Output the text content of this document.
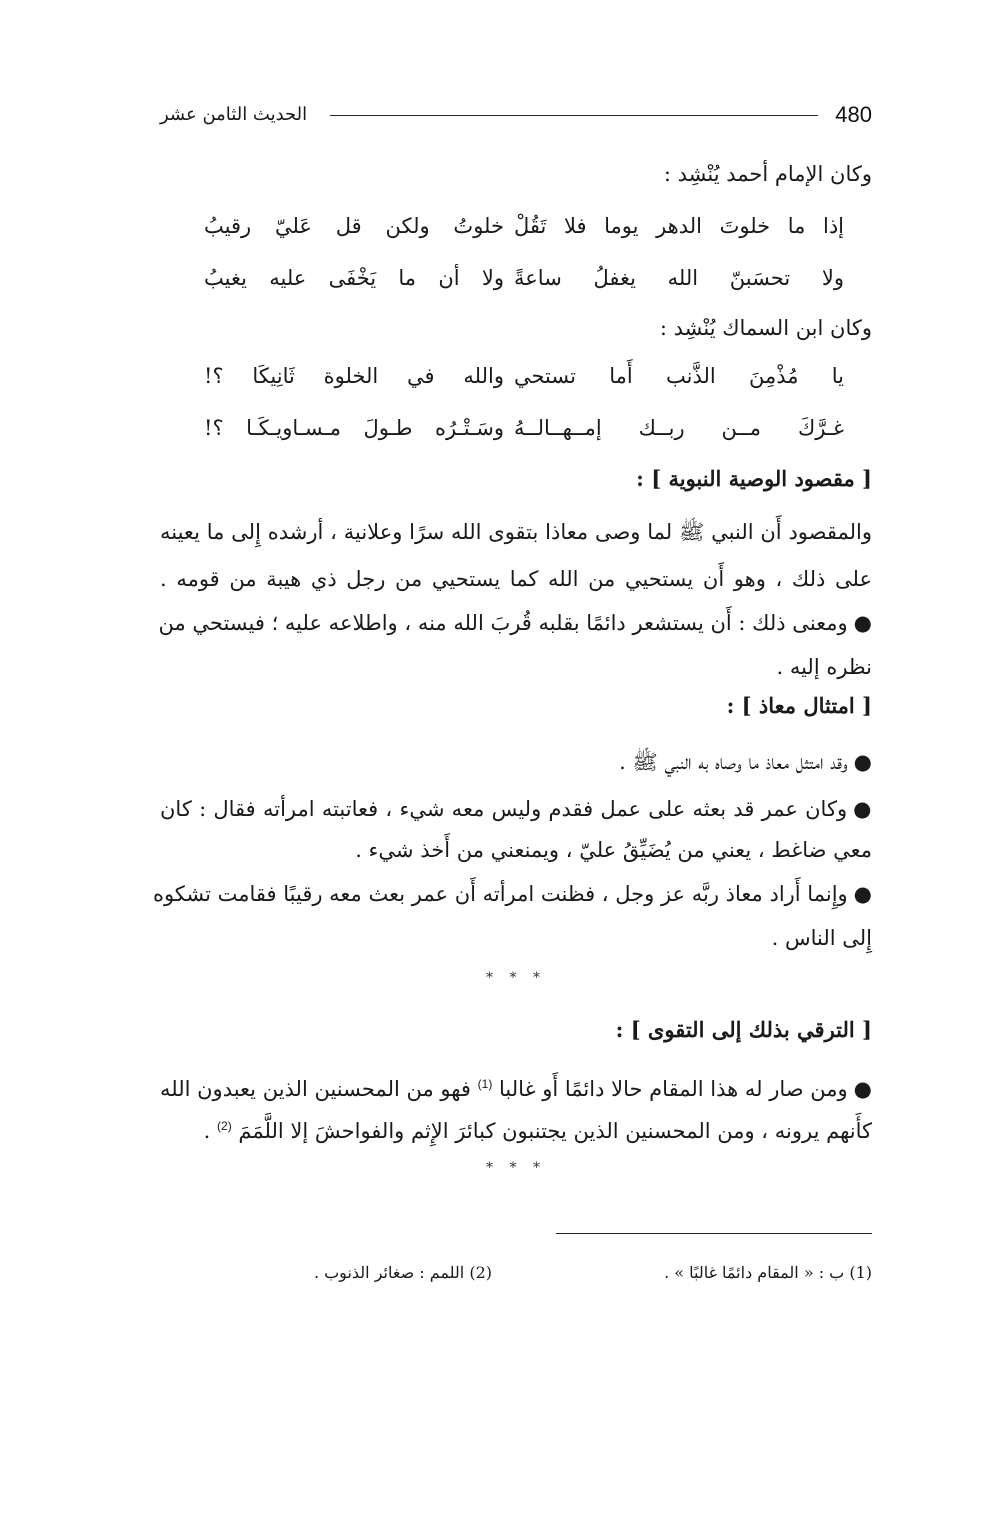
480
الحديث الثامن عشر
وكان الإمام أحمد يُنْشِد :
إذا ما خلوتَ الدهر يوما فلا تَقُلْ
خلوتُ ولكن قل عَليّ رقيبُ
ولا تحسَبنّ الله يغفلُ ساعةً
ولا أن ما يَخْفَى عليه يغيبُ
وكان ابن السماك يُنْشِد :
يا مُذْمِنَ الذَّنب أَما تستحي
والله في الخلوة ثَانِيكَا ؟!
غـرَّكَ مــن ربــك إمــهــالــهُ
وسَـتْـرُه طـولَ مـسـاويـكَـا ؟!
[ مقصود الوصية النبوية ] :
والمقصود أَن النبي ﷺ لما وصى معاذا بتقوى الله سرًا وعلانية ، أرشده إِلى ما يعينه
على ذلك ، وهو أَن يستحيي من الله كما يستحيي من رجل ذي هيبة من قومه .
●ومعنى ذلك : أَن يستشعر دائمًا بقلبه قُربَ الله منه ، واطلاعه عليه ؛ فيستحي من
نظره إليه .
[ امتثال معاذ ] :
●وقد امتثل معاذ ما وصاه به النبي ﷺ .
●وكان عمر قد بعثه على عمل فقدم وليس معه شيء ، فعاتبته امرأته فقال : كان
معي ضاغط ، يعني من يُضَيِّقُ عليّ ، ويمنعني من أَخذ شيء .
●وإِنما أَراد معاذ ربَّه عز وجل ، فظنت امرأته أَن عمر بعث معه رقيبًا فقامت تشكوه
إِلى الناس .
* * *
[ الترقي بذلك إلى التقوى ] :
●ومن صار له هذا المقام حالا دائمًا أَو غالبا $^{(1)}$ فهو من المحسنين الذين يعبدون الله
كأَنهم يرونه ، ومن المحسنين الذين يجتنبون كبائرَ الإِثم والفواحشَ إلا اللَّمَمَ $^{(2)}$ .
* * *
(1) ب : « المقام دائمًا غالبًا » .
(2) اللمم : صغائر الذنوب .
